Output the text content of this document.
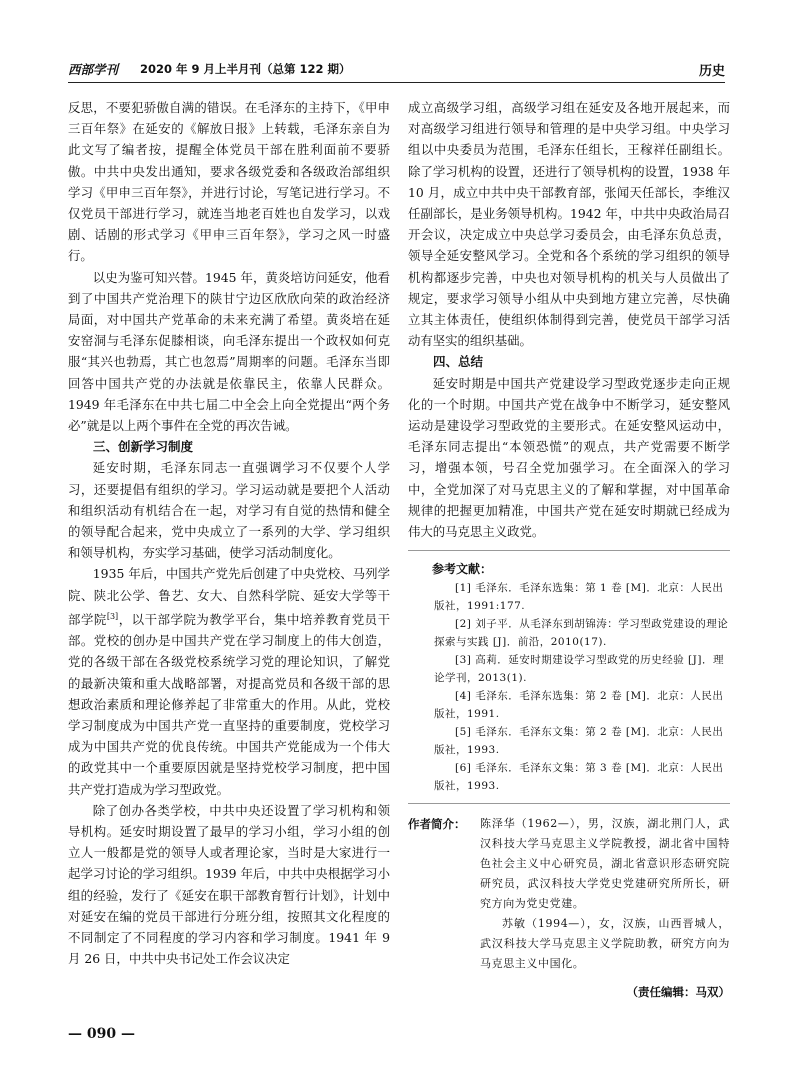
西部学刊 2020 年 9 月上半月刊（总第 122 期）	历史

反思，不要犯骄傲自满的错误。在毛泽东的主持下，《甲申三百年祭》在延安的《解放日报》上转载，毛泽东亲自为此文写了编者按，提醒全体党员干部在胜利面前不要骄傲。中共中央发出通知，要求各级党委和各级政治部组织学习《甲申三百年祭》，并进行讨论，写笔记进行学习。不仅党员干部进行学习，就连当地老百姓也自发学习，以戏剧、话剧的形式学习《甲申三百年祭》，学习之风一时盛行。

以史为鉴可知兴替。1945 年，黄炎培访问延安，他看到了中国共产党治理下的陕甘宁边区欣欣向荣的政治经济局面，对中国共产党革命的未来充满了希望。黄炎培在延安窑洞与毛泽东促膝相谈，向毛泽东提出一个政权如何克服“其兴也勃焉，其亡也忽焉”周期率的问题。毛泽东当即回答中国共产党的办法就是依靠民主，依靠人民群众。1949 年毛泽东在中共七届二中全会上向全党提出“两个务必”就是以上两个事件在全党的再次告诫。

三、创新学习制度

延安时期，毛泽东同志一直强调学习不仅要个人学习，还要提倡有组织的学习。学习运动就是要把个人活动和组织活动有机结合在一起，对学习有自觉的热情和健全的领导配合起来，党中央成立了一系列的大学、学习组织和领导机构，夯实学习基础，使学习活动制度化。

1935 年后，中国共产党先后创建了中央党校、马列学院、陕北公学、鲁艺、女大、自然科学院、延安大学等干部学院[3]，以干部学院为教学平台，集中培养教育党员干部。党校的创办是中国共产党在学习制度上的伟大创造，党的各级干部在各级党校系统学习党的理论知识，了解党的最新决策和重大战略部署，对提高党员和各级干部的思想政治素质和理论修养起了非常重大的作用。从此，党校学习制度成为中国共产党一直坚持的重要制度，党校学习成为中国共产党的优良传统。中国共产党能成为一个伟大的政党其中一个重要原因就是坚持党校学习制度，把中国共产党打造成为学习型政党。

除了创办各类学校，中共中央还设置了学习机构和领导机构。延安时期设置了最早的学习小组，学习小组的创立人一般都是党的领导人或者理论家，当时是大家进行一起学习讨论的学习组织。1939 年后，中共中央根据学习小组的经验，发行了《延安在职干部教育暂行计划》，计划中对延安在编的党员干部进行分班分组，按照其文化程度的不同制定了不同程度的学习内容和学习制度。1941 年 9 月 26 日，中共中央书记处工作会议决定

成立高级学习组，高级学习组在延安及各地开展起来，而对高级学习组进行领导和管理的是中央学习组。中央学习组以中央委员为范围，毛泽东任组长，王稼祥任副组长。除了学习机构的设置，还进行了领导机构的设置，1938 年 10 月，成立中共中央干部教育部，张闻天任部长，李维汉任副部长，是业务领导机构。1942 年，中共中央政治局召开会议，决定成立中央总学习委员会，由毛泽东负总责，领导全延安整风学习。全党和各个系统的学习组织的领导机构都逐步完善，中央也对领导机构的机关与人员做出了规定，要求学习领导小组从中央到地方建立完善，尽快确立其主体责任，使组织体制得到完善，使党员干部学习活动有坚实的组织基础。

四、总结

延安时期是中国共产党建设学习型政党逐步走向正规化的一个时期。中国共产党在战争中不断学习，延安整风运动是建设学习型政党的主要形式。在延安整风运动中，毛泽东同志提出“本领恐慌”的观点，共产党需要不断学习，增强本领，号召全党加强学习。在全面深入的学习中，全党加深了对马克思主义的了解和掌握，对中国革命规律的把握更加精准，中国共产党在延安时期就已经成为伟大的马克思主义政党。

参考文献：

[1] 毛泽东．毛泽东选集：第 1 卷 [M]．北京：人民出版社，1991:177.

[2] 刘子平．从毛泽东到胡锦涛：学习型政党建设的理论探索与实践 [J]．前沿，2010(17).

[3] 高莉．延安时期建设学习型政党的历史经验 [J]．理论学刊，2013(1).

[4] 毛泽东．毛泽东选集：第 2 卷 [M]．北京：人民出版社，1991.

[5] 毛泽东．毛泽东文集：第 2 卷 [M]．北京：人民出版社，1993.

[6] 毛泽东．毛泽东文集：第 3 卷 [M]．北京：人民出版社，1993.

作者简介： 陈泽华（1962—），男，汉族，湖北荆门人，武汉科技大学马克思主义学院教授，湖北省中国特色社会主义中心研究员，湖北省意识形态研究院研究员，武汉科技大学党史党建研究所所长，研究方向为党史党建。

苏敏（1994—），女，汉族，山西晋城人，武汉科技大学马克思主义学院助教，研究方向为马克思主义中国化。

（责任编辑：马双）
— 090 —
